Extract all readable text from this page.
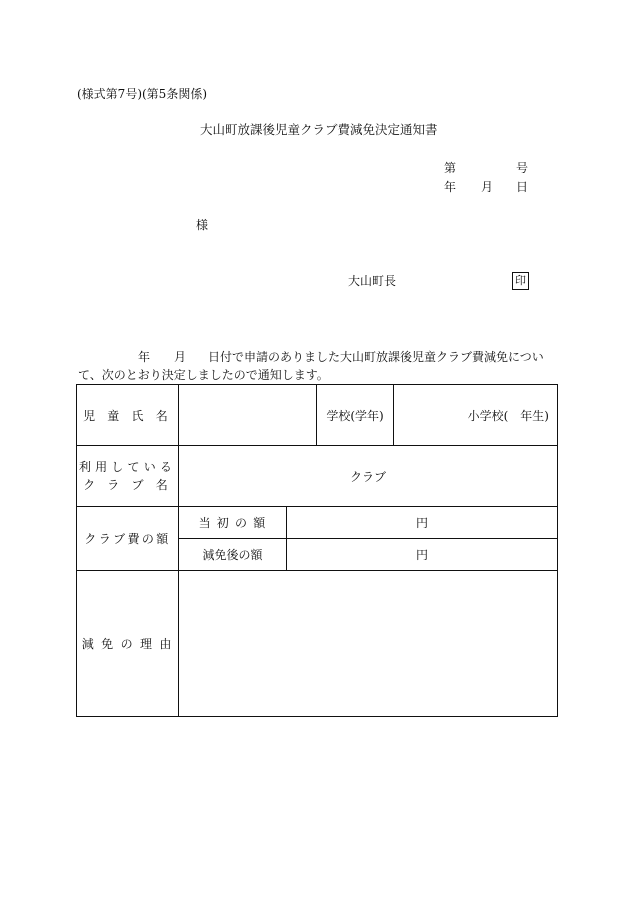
(様式第7号)(第5条関係)
大山町放課後児童クラブ費減免決定通知書
第	号
年 月 日
様
大山町長	印
年 月 日付で申請のありました大山町放課後児童クラブ費減免につい
て、次のとおり決定しましたので通知します。
児 童 氏 名			学校(学年)	小学校(　年生)

利用している
ク ラ ブ 名	クラブ			
クラブ費の額	当 初 の 額	円		
	減免後の額	円		
減 免 の 理 由				
